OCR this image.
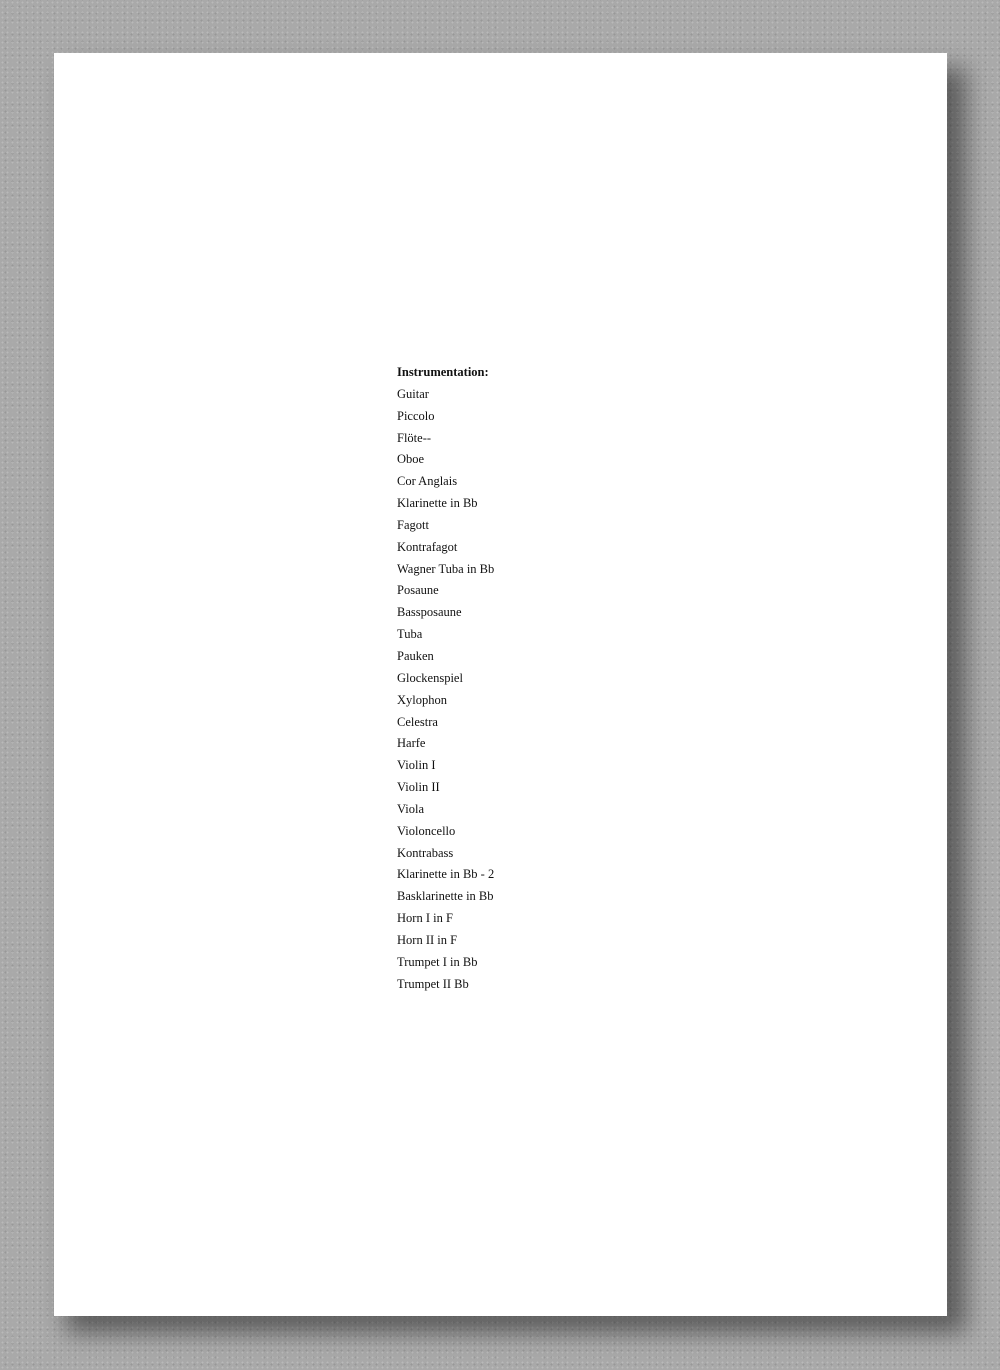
Instrumentation:
Guitar
Piccolo
Flöte--
Oboe
Cor Anglais
Klarinette in Bb
Fagott
Kontrafagot
Wagner Tuba in Bb
Posaune
Bassposaune
Tuba
Pauken
Glockenspiel
Xylophon
Celestra
Harfe
Violin I
Violin II
Viola
Violoncello
Kontrabass
Klarinette in Bb - 2
Basklarinette in Bb
Horn I in F
Horn II in F
Trumpet I in Bb
Trumpet II Bb
